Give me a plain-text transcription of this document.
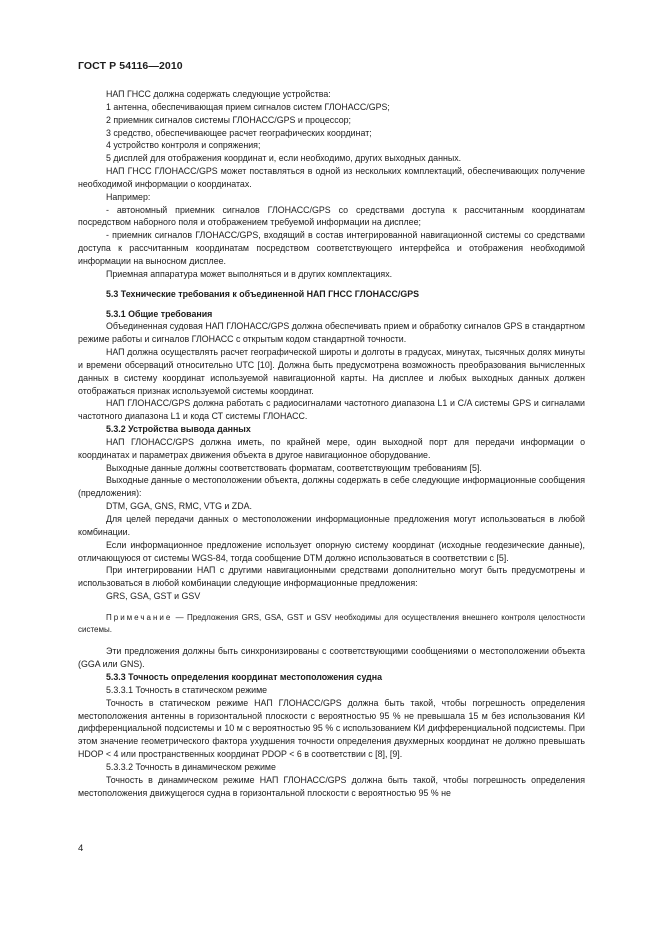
ГОСТ Р 54116—2010

НАП ГНСС должна содержать следующие устройства:

1 антенна, обеспечивающая прием сигналов систем ГЛОНАСС/GPS;

2 приемник сигналов системы ГЛОНАСС/GPS и процессор;

3 средство, обеспечивающее расчет географических координат;

4 устройство контроля и сопряжения;

5 дисплей для отображения координат и, если необходимо, других выходных данных.

НАП ГНСС ГЛОНАСС/GPS может поставляться в одной из нескольких комплектаций, обеспечивающих получение необходимой информации о координатах.

Например:

- автономный приемник сигналов ГЛОНАСС/GPS со средствами доступа к рассчитанным координатам посредством наборного поля и отображением требуемой информации на дисплее;

- приемник сигналов ГЛОНАСС/GPS, входящий в состав интегрированной навигационной системы со средствами доступа к рассчитанным координатам посредством соответствующего интерфейса и отображения необходимой информации на выносном дисплее.

Приемная аппаратура может выполняться и в других комплектациях.

5.3 Технические требования к объединенной НАП ГНСС ГЛОНАСС/GPS

5.3.1 Общие требования

Объединенная судовая НАП ГЛОНАСС/GPS должна обеспечивать прием и обработку сигналов GPS в стандартном режиме работы и сигналов ГЛОНАСС с открытым кодом стандартной точности.

НАП должна осуществлять расчет географической широты и долготы в градусах, минутах, тысячных долях минуты и времени обсерваций относительно UTC [10]. Должна быть предусмотрена возможность преобразования вычисленных данных в систему координат используемой навигационной карты. На дисплее и любых выходных данных должен отображаться признак используемой системы координат.

НАП ГЛОНАСС/GPS должна работать с радиосигналами частотного диапазона L1 и C/A системы GPS и сигналами частотного диапазона L1 и кода СТ системы ГЛОНАСС.

5.3.2 Устройства вывода данных

НАП ГЛОНАСС/GPS должна иметь, по крайней мере, один выходной порт для передачи информации о координатах и параметрах движения объекта в другое навигационное оборудование.

Выходные данные должны соответствовать форматам, соответствующим требованиям [5].

Выходные данные о местоположении объекта, должны содержать в себе следующие информационные сообщения (предложения):

DTM, GGA, GNS, RMC, VTG и ZDA.

Для целей передачи данных о местоположении информационные предложения могут использоваться в любой комбинации.

Если информационное предложение использует опорную систему координат (исходные геодезические данные), отличающуюся от системы WGS-84, тогда сообщение DTM должно использоваться в соответствии с [5].

При интегрировании НАП с другими навигационными средствами дополнительно могут быть предусмотрены и использоваться в любой комбинации следующие информационные предложения:

GRS, GSA, GST и GSV

Примечание — Предложения GRS, GSA, GST и GSV необходимы для осуществления внешнего контроля целостности системы.

Эти предложения должны быть синхронизированы с соответствующими сообщениями о местоположении объекта (GGA или GNS).

5.3.3 Точность определения координат местоположения судна

5.3.3.1 Точность в статическом режиме

Точность в статическом режиме НАП ГЛОНАСС/GPS должна быть такой, чтобы погрешность определения местоположения антенны в горизонтальной плоскости с вероятностью 95 % не превышала 15 м без использования КИ дифференциальной подсистемы и 10 м с вероятностью 95 % с использованием КИ дифференциальной подсистемы. При этом значение геометрического фактора ухудшения точности определения двухмерных координат не должно превышать HDOP < 4 или пространственных координат PDOP < 6 в соответствии с [8], [9].

5.3.3.2 Точность в динамическом режиме

Точность в динамическом режиме НАП ГЛОНАСС/GPS должна быть такой, чтобы погрешность определения местоположения движущегося судна в горизонтальной плоскости с вероятностью 95 % не

4
